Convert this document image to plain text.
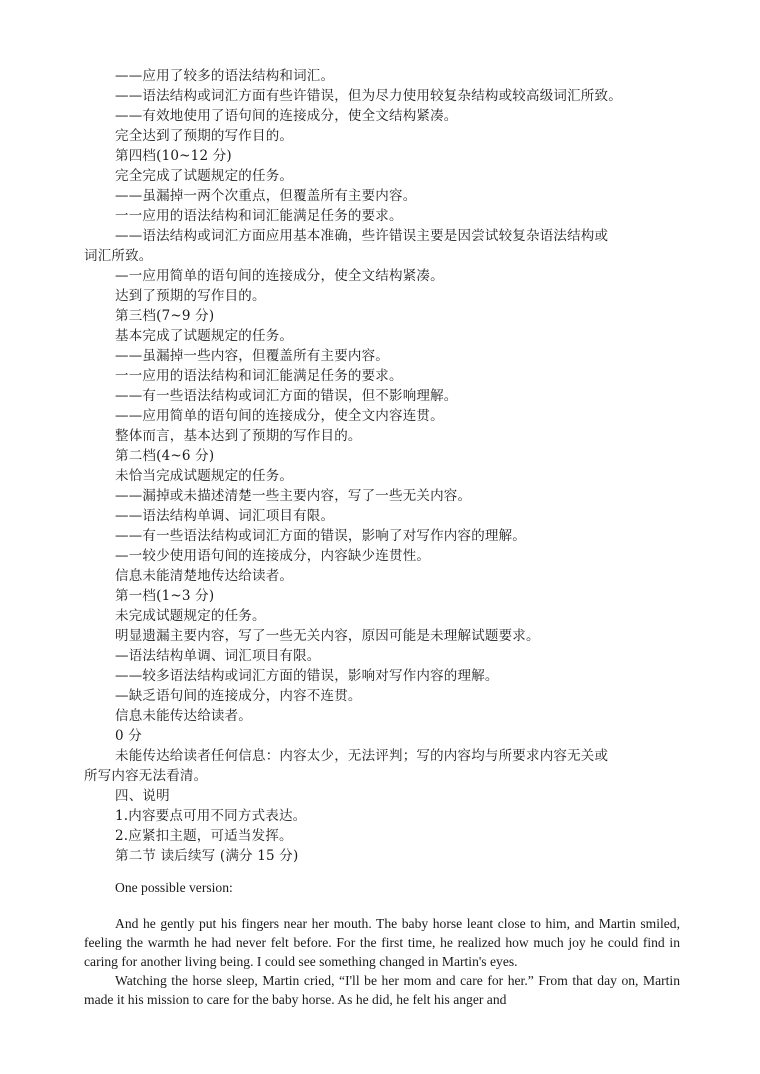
——应用了较多的语法结构和词汇。
——语法结构或词汇方面有些许错误，但为尽力使用较复杂结构或较高级词汇所致。
——有效地使用了语句间的连接成分，使全文结构紧凑。
完全达到了预期的写作目的。
第四档(10~12 分)
完全完成了试题规定的任务。
——虽漏掉一两个次重点，但覆盖所有主要内容。
一一应用的语法结构和词汇能满足任务的要求。
——语法结构或词汇方面应用基本准确，些许错误主要是因尝试较复杂语法结构或
词汇所致。
—一应用简单的语句间的连接成分，使全文结构紧凑。
达到了预期的写作目的。
第三档(7~9 分)
基本完成了试题规定的任务。
——虽漏掉一些内容，但覆盖所有主要内容。
一一应用的语法结构和词汇能满足任务的要求。
——有一些语法结构或词汇方面的错误，但不影响理解。
——应用简单的语句间的连接成分，使全文内容连贯。
整体而言，基本达到了预期的写作目的。
第二档(4~6 分)
未恰当完成试题规定的任务。
——漏掉或未描述清楚一些主要内容，写了一些无关内容。
——语法结构单调、词汇项目有限。
——有一些语法结构或词汇方面的错误，影响了对写作内容的理解。
—一较少使用语句间的连接成分，内容缺少连贯性。
信息未能清楚地传达给读者。
第一档(1~3 分)
未完成试题规定的任务。
明显遗漏主要内容，写了一些无关内容，原因可能是未理解试题要求。
—语法结构单调、词汇项目有限。
——较多语法结构或词汇方面的错误，影响对写作内容的理解。
—缺乏语句间的连接成分，内容不连贯。
信息未能传达给读者。
0 分
未能传达给读者任何信息：内容太少，无法评判；写的内容均与所要求内容无关或
所写内容无法看清。
四、说明
1.内容要点可用不同方式表达。
2.应紧扣主题，可适当发挥。
第二节 读后续写 (满分 15 分)
One possible version:

And he gently put his fingers near her mouth. The baby horse leant close to him, and Martin smiled, feeling the warmth he had never felt before. For the first time, he realized how much joy he could find in caring for another living being. I could see something changed in Martin's eyes.

Watching the horse sleep, Martin cried, “I'll be her mom and care for her.” From that day on, Martin made it his mission to care for the baby horse. As he did, he felt his anger and
